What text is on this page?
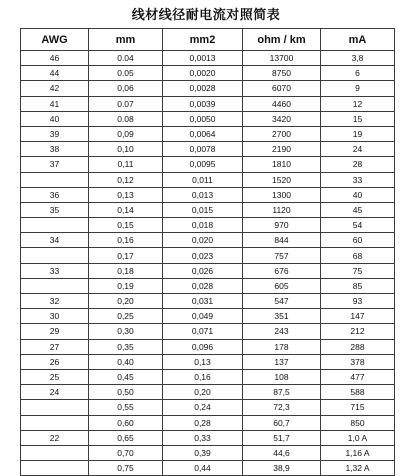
线材线径耐电流对照简表
AWG	mm	mm2	ohm / km	mA
46	0.04	0,0013	13700	3,8
44	0.05	0,0020	8750	6
42	0,06	0,0028	6070	9
41	0.07	0,0039	4460	12
40	0.08	0,0050	3420	15
39	0,09	0,0064	2700	19
38	0,10	0,0078	2190	24
37	0,11	0,0095	1810	28
	0,12	0,011	1520	33
36	0,13	0,013	1300	40
35	0,14	0,015	1120	45
	0,15	0,018	970	54
34	0,16	0,020	844	60
	0,17	0,023	757	68
33	0,18	0,026	676	75
	0,19	0,028	605	85
32	0,20	0,031	547	93
30	0,25	0,049	351	147
29	0,30	0,071	243	212
27	0,35	0,096	178	288
26	0,40	0,13	137	378
25	0,45	0,16	108	477
24	0,50	0,20	87,5	588
	0,55	0,24	72,3	715
	0,60	0,28	60,7	850
22	0,65	0,33	51,7	1,0 A
	0,70	0,39	44,6	1,16 A
	0,75	0,44	38,9	1,32 A
